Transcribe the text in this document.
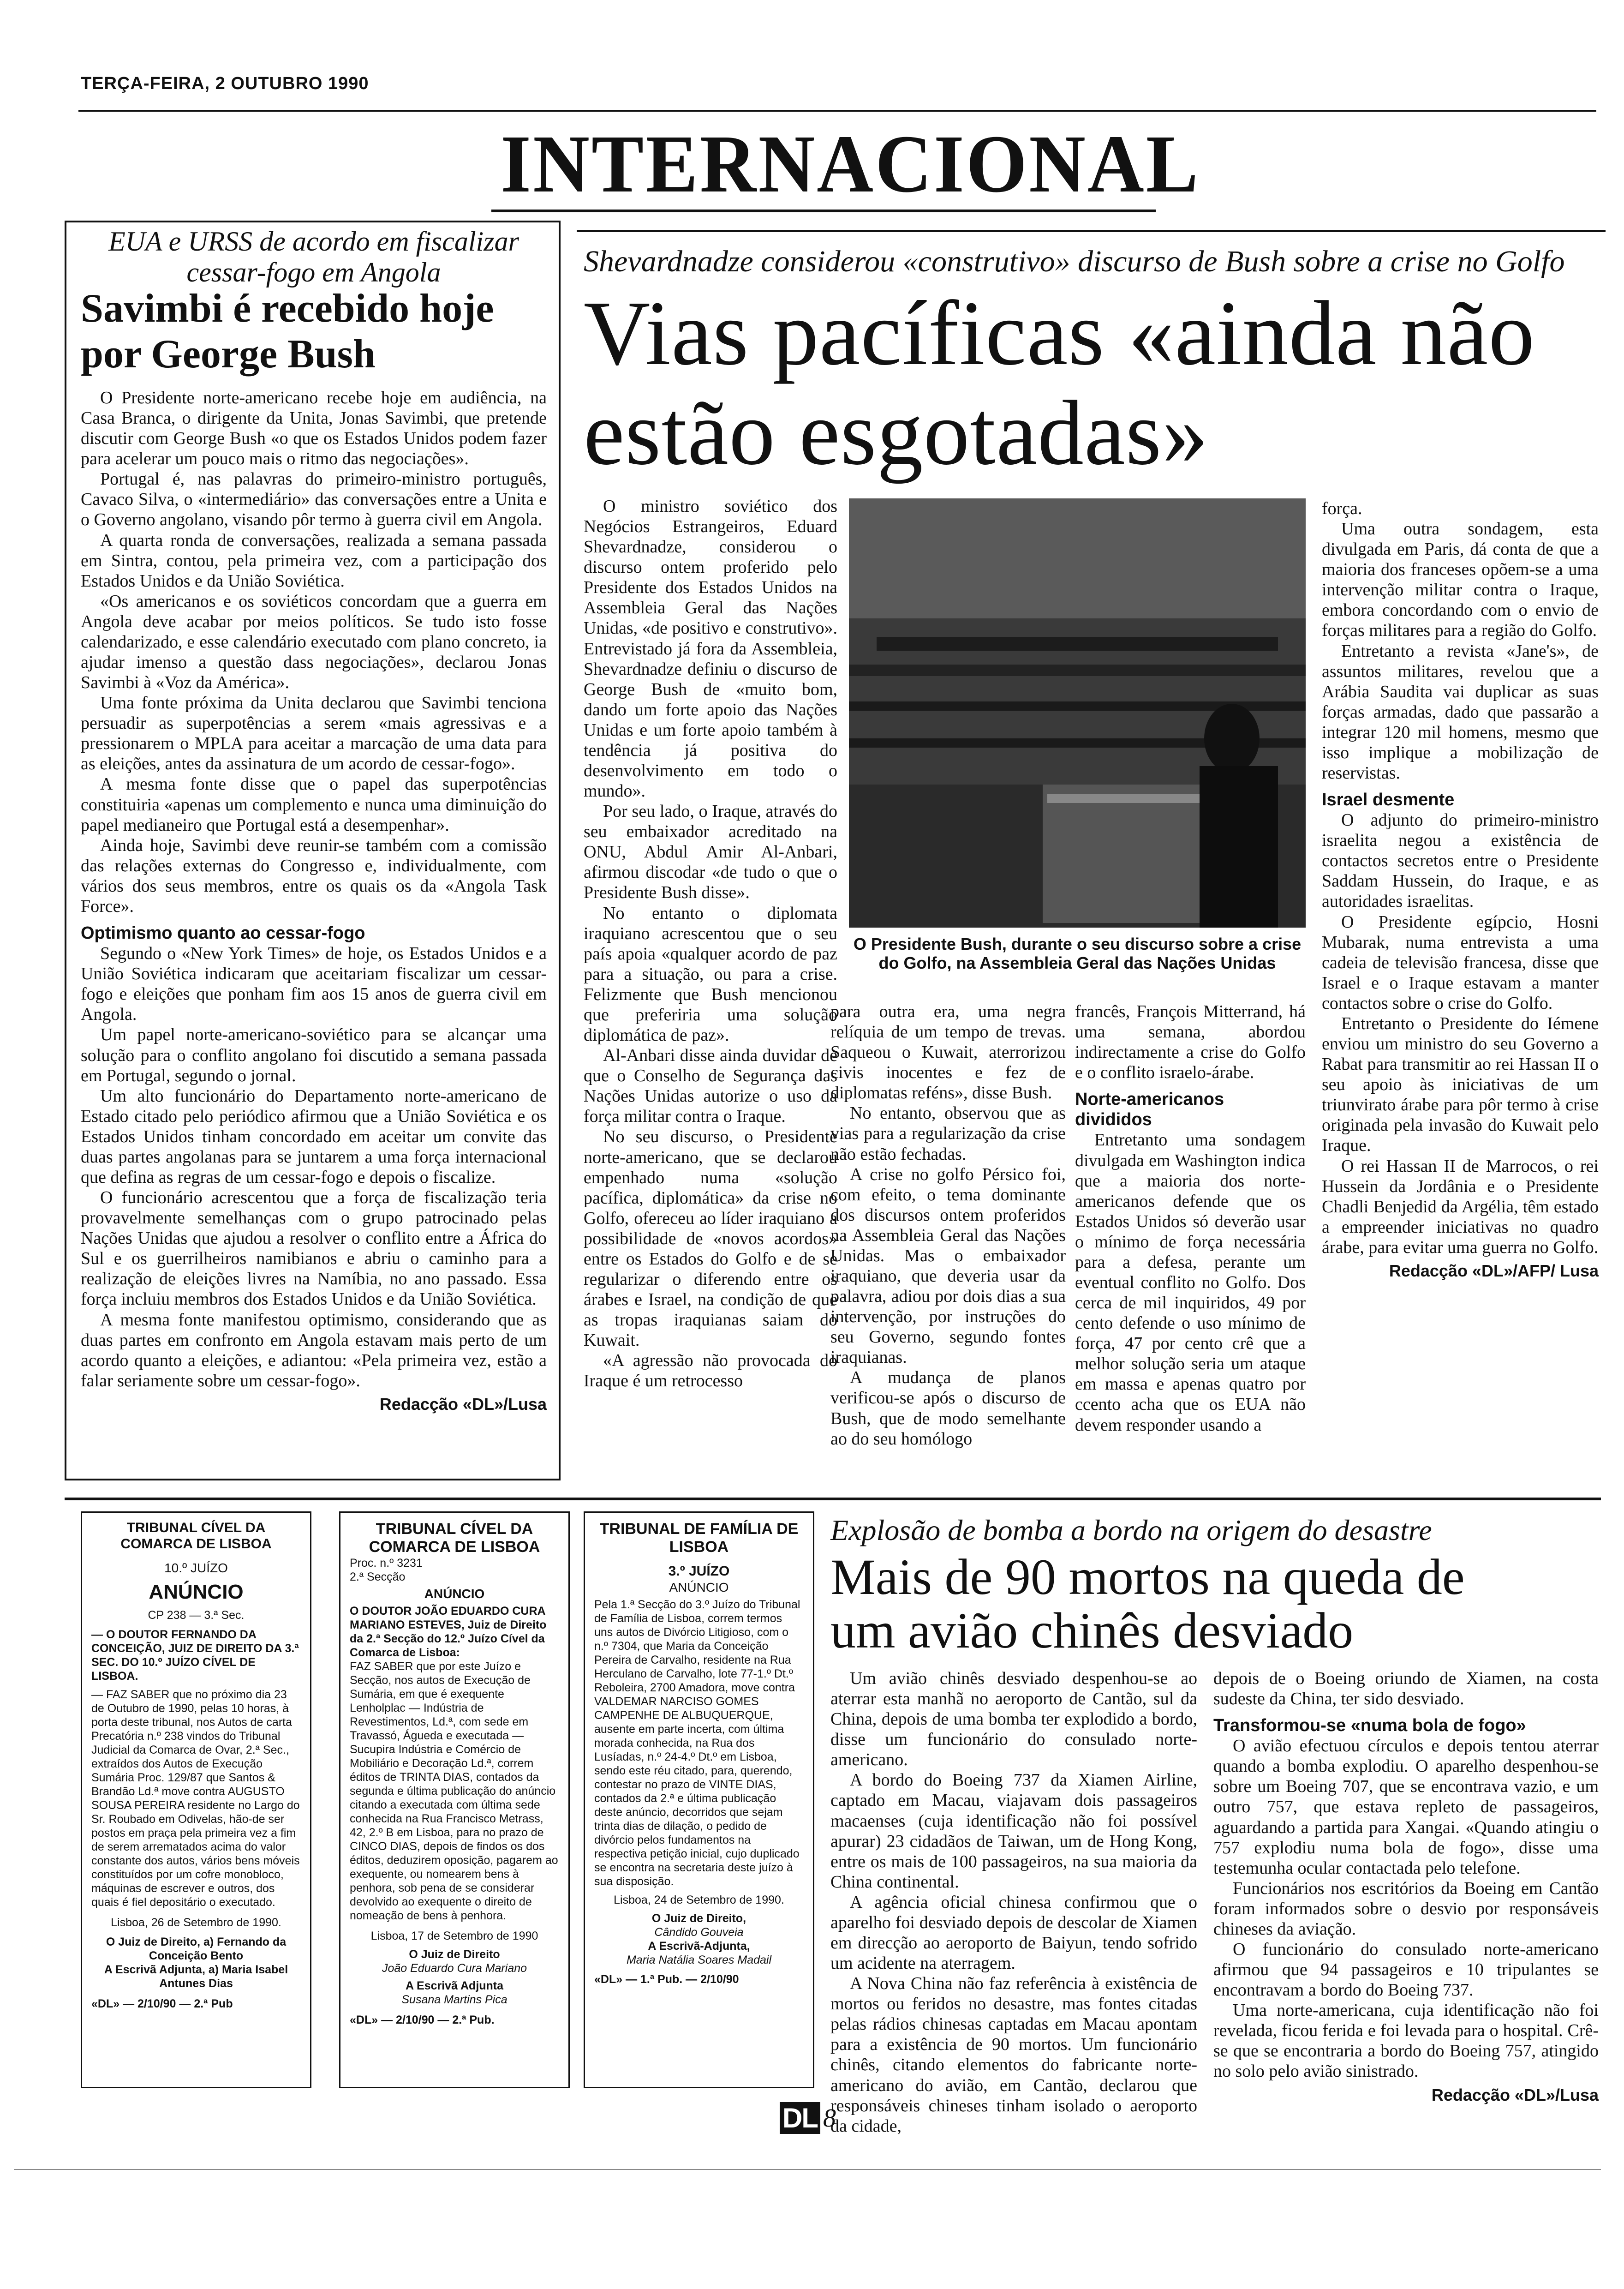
TERÇA-FEIRA, 2 OUTUBRO 1990
INTERNACIONAL
EUA e URSS de acordo em fiscalizar cessar-fogo em Angola
Savimbi é recebido hoje por George Bush

O Presidente norte-americano recebe hoje em audiência, na Casa Branca, o dirigente da Unita, Jonas Savimbi, que pretende discutir com George Bush «o que os Estados Unidos podem fazer para acelerar um pouco mais o ritmo das negociações».

Portugal é, nas palavras do primeiro-ministro português, Cavaco Silva, o «intermediário» das conversações entre a Unita e o Governo angolano, visando pôr termo à guerra civil em Angola.

A quarta ronda de conversações, realizada a semana passada em Sintra, contou, pela primeira vez, com a participação dos Estados Unidos e da União Soviética.

«Os americanos e os soviéticos concordam que a guerra em Angola deve acabar por meios políticos. Se tudo isto fosse calendarizado, e esse calendário executado com plano concreto, ia ajudar imenso a questão dass negociações», declarou Jonas Savimbi à «Voz da América».

Uma fonte próxima da Unita declarou que Savimbi tenciona persuadir as superpotências a serem «mais agressivas e a pressionarem o MPLA para aceitar a marcação de uma data para as eleições, antes da assinatura de um acordo de cessar-fogo».

A mesma fonte disse que o papel das superpotências constituiria «apenas um complemento e nunca uma diminuição do papel medianeiro que Portugal está a desempenhar».

Ainda hoje, Savimbi deve reunir-se também com a comissão das relações externas do Congresso e, individualmente, com vários dos seus membros, entre os quais os da «Angola Task Force».

Optimismo quanto ao cessar-fogo

Segundo o «New York Times» de hoje, os Estados Unidos e a União Soviética indicaram que aceitariam fiscalizar um cessar-fogo e eleições que ponham fim aos 15 anos de guerra civil em Angola.

Um papel norte-americano-soviético para se alcançar uma solução para o conflito angolano foi discutido a semana passada em Portugal, segundo o jornal.

Um alto funcionário do Departamento norte-americano de Estado citado pelo periódico afirmou que a União Soviética e os Estados Unidos tinham concordado em aceitar um convite das duas partes angolanas para se juntarem a uma força internacional que defina as regras de um cessar-fogo e depois o fiscalize.

O funcionário acrescentou que a força de fiscalização teria provavelmente semelhanças com o grupo patrocinado pelas Nações Unidas que ajudou a resolver o conflito entre a África do Sul e os guerrilheiros namibianos e abriu o caminho para a realização de eleições livres na Namíbia, no ano passado. Essa força incluiu membros dos Estados Unidos e da União Soviética.

A mesma fonte manifestou optimismo, considerando que as duas partes em confronto em Angola estavam mais perto de um acordo quanto a eleições, e adiantou: «Pela primeira vez, estão a falar seriamente sobre um cessar-fogo».

Redacção «DL»/Lusa
Shevardnadze considerou «construtivo» discurso de Bush sobre a crise no Golfo
Vias pacíficas «ainda não estão esgotadas»

O ministro soviético dos Negócios Estrangeiros, Eduard Shevardnadze, considerou o discurso ontem proferido pelo Presidente dos Estados Unidos na Assembleia Geral das Nações Unidas, «de positivo e construtivo». Entrevistado já fora da Assembleia, Shevardnadze definiu o discurso de George Bush de «muito bom, dando um forte apoio das Nações Unidas e um forte apoio também à tendência já positiva do desenvolvimento em todo o mundo».

Por seu lado, o Iraque, através do seu embaixador acreditado na ONU, Abdul Amir Al-Anbari, afirmou discodar «de tudo o que o Presidente Bush disse».

No entanto o diplomata iraquiano acrescentou que o seu país apoia «qualquer acordo de paz para a situação, ou para a crise. Felizmente que Bush mencionou que preferiria uma solução diplomática de paz».

Al-Anbari disse ainda duvidar de que o Conselho de Segurança das Nações Unidas autorize o uso da força militar contra o Iraque.

No seu discurso, o Presidente norte-americano, que se declarou empenhado numa «solução pacífica, diplomática» da crise no Golfo, ofereceu ao líder iraquiano a possibilidade de «novos acordos» entre os Estados do Golfo e de se regularizar o diferendo entre os árabes e Israel, na condição de que as tropas iraquianas saiam do Kuwait.

«A agressão não provocada do Iraque é um retrocesso

O Presidente Bush, durante o seu discurso sobre a crise do Golfo, na Assembleia Geral das Nações Unidas

para outra era, uma negra relíquia de um tempo de trevas. Saqueou o Kuwait, aterrorizou civis inocentes e fez de diplomatas reféns», disse Bush.

No entanto, observou que as vias para a regularização da crise não estão fechadas.

A crise no golfo Pérsico foi, com efeito, o tema dominante dos discursos ontem proferidos na Assembleia Geral das Nações Unidas. Mas o embaixador iraquiano, que deveria usar da palavra, adiou por dois dias a sua intervenção, por instruções do seu Governo, segundo fontes iraquianas.

A mudança de planos verificou-se após o discurso de Bush, que de modo semelhante ao do seu homólogo

francês, François Mitterrand, há uma semana, abordou indirectamente a crise do Golfo e o conflito israelo-árabe.

Norte-americanos divididos

Entretanto uma sondagem divulgada em Washington indica que a maioria dos norte-americanos defende que os Estados Unidos só deverão usar o mínimo de força necessária para a defesa, perante um eventual conflito no Golfo. Dos cerca de mil inquiridos, 49 por cento defende o uso mínimo de força, 47 por cento crê que a melhor solução seria um ataque em massa e apenas quatro por ccento acha que os EUA não devem responder usando a

força.

Uma outra sondagem, esta divulgada em Paris, dá conta de que a maioria dos franceses opõem-se a uma intervenção militar contra o Iraque, embora concordando com o envio de forças militares para a região do Golfo.

Entretanto a revista «Jane's», de assuntos militares, revelou que a Arábia Saudita vai duplicar as suas forças armadas, dado que passarão a integrar 120 mil homens, mesmo que isso implique a mobilização de reservistas.

Israel desmente

O adjunto do primeiro-ministro israelita negou a existência de contactos secretos entre o Presidente Saddam Hussein, do Iraque, e as autoridades israelitas.

O Presidente egípcio, Hosni Mubarak, numa entrevista a uma cadeia de televisão francesa, disse que Israel e o Iraque estavam a manter contactos sobre o crise do Golfo.

Entretanto o Presidente do Iémene enviou um ministro do seu Governo a Rabat para transmitir ao rei Hassan II o seu apoio às iniciativas de um triunvirato árabe para pôr termo à crise originada pela invasão do Kuwait pelo Iraque.

O rei Hassan II de Marrocos, o rei Hussein da Jordânia e o Presidente Chadli Benjedid da Argélia, têm estado a empreender iniciativas no quadro árabe, para evitar uma guerra no Golfo.

Redacção «DL»/AFP/ Lusa
TRIBUNAL CÍVEL DA COMARCA DE LISBOA
10.º JUÍZO
ANÚNCIO
CP 238 — 3.ª Sec.

— O DOUTOR FERNANDO DA CONCEIÇÃO, JUIZ DE DIREITO DA 3.ª SEC. DO 10.º JUÍZO CÍVEL DE LISBOA.

— FAZ SABER que no próximo dia 23 de Outubro de 1990, pelas 10 horas, à porta deste tribunal, nos Autos de carta Precatória n.º 238 vindos do Tribunal Judicial da Comarca de Ovar, 2.ª Sec., extraídos dos Autos de Execução Sumária Proc. 129/87 que Santos & Brandão Ld.ª move contra AUGUSTO SOUSA PEREIRA residente no Largo do Sr. Roubado em Odivelas, hão-de ser postos em praça pela primeira vez a fim de serem arrematados acima do valor constante dos autos, vários bens móveis constituídos por um cofre monobloco, máquinas de escrever e outros, dos quais é fiel depositário o executado.

Lisboa, 26 de Setembro de 1990.

O Juiz de Direito, a) Fernando da Conceição Bento

A Escrivã Adjunta, a) Maria Isabel Antunes Dias

«DL» — 2/10/90 — 2.ª Pub

TRIBUNAL CÍVEL DA COMARCA DE LISBOA
Proc. n.º 3231
2.ª Secção
ANÚNCIO

O DOUTOR JOÃO EDUARDO CURA MARIANO ESTEVES, Juiz de Direito da 2.ª Secção do 12.º Juízo Cível da Comarca de Lisboa:

FAZ SABER que por este Juízo e Secção, nos autos de Execução de Sumária, em que é exequente Lenholplac — Indústria de Revestimentos, Ld.ª, com sede em Travassó, Águeda e executada — Sucupira Indústria e Comércio de Mobiliário e Decoração Ld.ª, correm éditos de TRINTA DIAS, contados da segunda e última publicação do anúncio citando a executada com última sede conhecida na Rua Francisco Metrass, 42, 2.º B em Lisboa, para no prazo de CINCO DIAS, depois de findos os dos éditos, deduzirem oposição, pagarem ao exequente, ou nomearem bens à penhora, sob pena de se considerar devolvido ao exequente o direito de nomeação de bens à penhora.

Lisboa, 17 de Setembro de 1990

O Juiz de Direito

João Eduardo Cura Mariano

A Escrivã Adjunta

Susana Martins Pica

«DL» — 2/10/90 — 2.ª Pub.

TRIBUNAL DE FAMÍLIA DE LISBOA
3.º JUÍZO
ANÚNCIO

Pela 1.ª Secção do 3.º Juízo do Tribunal de Família de Lisboa, correm termos uns autos de Divórcio Litigioso, com o n.º 7304, que Maria da Conceição Pereira de Carvalho, residente na Rua Herculano de Carvalho, lote 77-1.º Dt.º Reboleira, 2700 Amadora, move contra VALDEMAR NARCISO GOMES CAMPENHE DE ALBUQUERQUE, ausente em parte incerta, com última morada conhecida, na Rua dos Lusíadas, n.º 24-4.º Dt.º em Lisboa, sendo este réu citado, para, querendo, contestar no prazo de VINTE DIAS, contados da 2.ª e última publicação deste anúncio, decorridos que sejam trinta dias de dilação, o pedido de divórcio pelos fundamentos na respectiva petição inicial, cujo duplicado se encontra na secretaria deste juízo à sua disposição.

Lisboa, 24 de Setembro de 1990.

O Juiz de Direito,

Cândido Gouveia

A Escrivã-Adjunta,

Maria Natália Soares Madail

«DL» — 1.ª Pub. — 2/10/90

Explosão de bomba a bordo na origem do desastre
Mais de 90 mortos na queda de um avião chinês desviado

Um avião chinês desviado despenhou-se ao aterrar esta manhã no aeroporto de Cantão, sul da China, depois de uma bomba ter explodido a bordo, disse um funcionário do consulado norte-americano.

A bordo do Boeing 737 da Xiamen Airline, captado em Macau, viajavam dois passageiros macaenses (cuja identificação não foi possível apurar) 23 cidadãos de Taiwan, um de Hong Kong, entre os mais de 100 passageiros, na sua maioria da China continental.

A agência oficial chinesa confirmou que o aparelho foi desviado depois de descolar de Xiamen em direcção ao aeroporto de Baiyun, tendo sofrido um acidente na aterragem.

A Nova China não faz referência à existência de mortos ou feridos no desastre, mas fontes citadas pelas rádios chinesas captadas em Macau apontam para a existência de 90 mortos. Um funcionário chinês, citando elementos do fabricante norte-americano do avião, em Cantão, declarou que responsáveis chineses tinham isolado o aeroporto da cidade,

depois de o Boeing oriundo de Xiamen, na costa sudeste da China, ter sido desviado.

Transformou-se «numa bola de fogo»

O avião efectuou círculos e depois tentou aterrar quando a bomba explodiu. O aparelho despenhou-se sobre um Boeing 707, que se encontrava vazio, e um outro 757, que estava repleto de passageiros, aguardando a partida para Xangai. «Quando atingiu o 757 explodiu numa bola de fogo», disse uma testemunha ocular contactada pelo telefone.

Funcionários nos escritórios da Boeing em Cantão foram informados sobre o desvio por responsáveis chineses da aviação.

O funcionário do consulado norte-americano afirmou que 94 passageiros e 10 tripulantes se encontravam a bordo do Boeing 737.

Uma norte-americana, cuja identificação não foi revelada, ficou ferida e foi levada para o hospital. Crê-se que se encontraria a bordo do Boeing 757, atingido no solo pelo avião sinistrado.

Redacção «DL»/Lusa
DL 8
